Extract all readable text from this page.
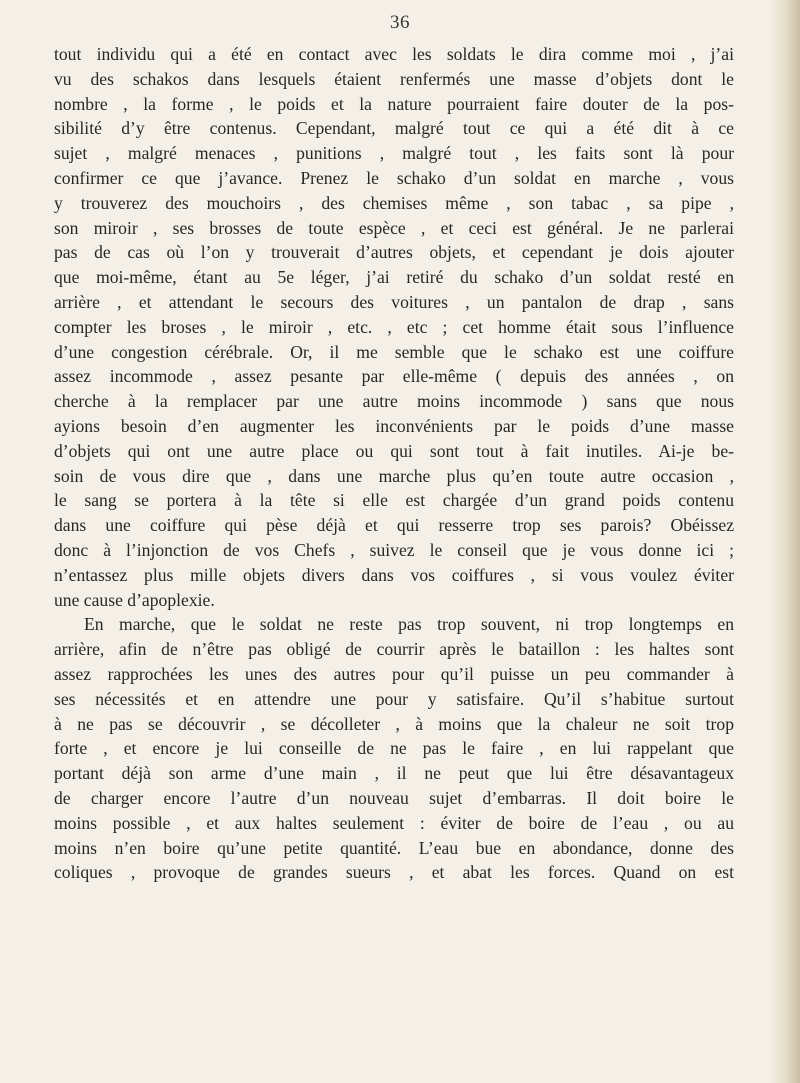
36
tout individu qui a été en contact avec les soldats le dira comme moi , j’ai
vu des schakos dans lesquels étaient renfermés une masse d’objets dont le
nombre , la forme , le poids et la nature pourraient faire douter de la pos-
sibilité d’y être contenus. Cependant, malgré tout ce qui a été dit à ce
sujet , malgré menaces , punitions , malgré tout , les faits sont là pour
confirmer ce que j’avance. Prenez le schako d’un soldat en marche , vous
y trouverez des mouchoirs , des chemises même , son tabac , sa pipe ,
son miroir , ses brosses de toute espèce , et ceci est général. Je ne parlerai
pas de cas où l’on y trouverait d’autres objets, et cependant je dois ajouter
que moi-même, étant au 5e léger, j’ai retiré du schako d’un soldat resté en
arrière , et attendant le secours des voitures , un pantalon de drap , sans
compter les broses , le miroir , etc. , etc ; cet homme était sous l’influence
d’une congestion cérébrale. Or, il me semble que le schako est une coiffure
assez incommode , assez pesante par elle-même ( depuis des années , on
cherche à la remplacer par une autre moins incommode ) sans que nous
ayions besoin d’en augmenter les inconvénients par le poids d’une masse
d’objets qui ont une autre place ou qui sont tout à fait inutiles. Ai-je be-
soin de vous dire que , dans une marche plus qu’en toute autre occasion ,
le sang se portera à la tête si elle est chargée d’un grand poids contenu
dans une coiffure qui pèse déjà et qui resserre trop ses parois? Obéissez
donc à l’injonction de vos Chefs , suivez le conseil que je vous donne ici ;
n’entassez plus mille objets divers dans vos coiffures , si vous voulez éviter
une cause d’apoplexie.
En marche, que le soldat ne reste pas trop souvent, ni trop longtemps en
arrière, afin de n’être pas obligé de courrir après le bataillon : les haltes sont
assez rapprochées les unes des autres pour qu’il puisse un peu commander à
ses nécessités et en attendre une pour y satisfaire. Qu’il s’habitue surtout
à ne pas se découvrir , se décolleter , à moins que la chaleur ne soit trop
forte , et encore je lui conseille de ne pas le faire , en lui rappelant que
portant déjà son arme d’une main , il ne peut que lui être désavantageux
de charger encore l’autre d’un nouveau sujet d’embarras. Il doit boire le
moins possible , et aux haltes seulement : éviter de boire de l’eau , ou au
moins n’en boire qu’une petite quantité. L’eau bue en abondance, donne des
coliques , provoque de grandes sueurs , et abat les forces. Quand on est
